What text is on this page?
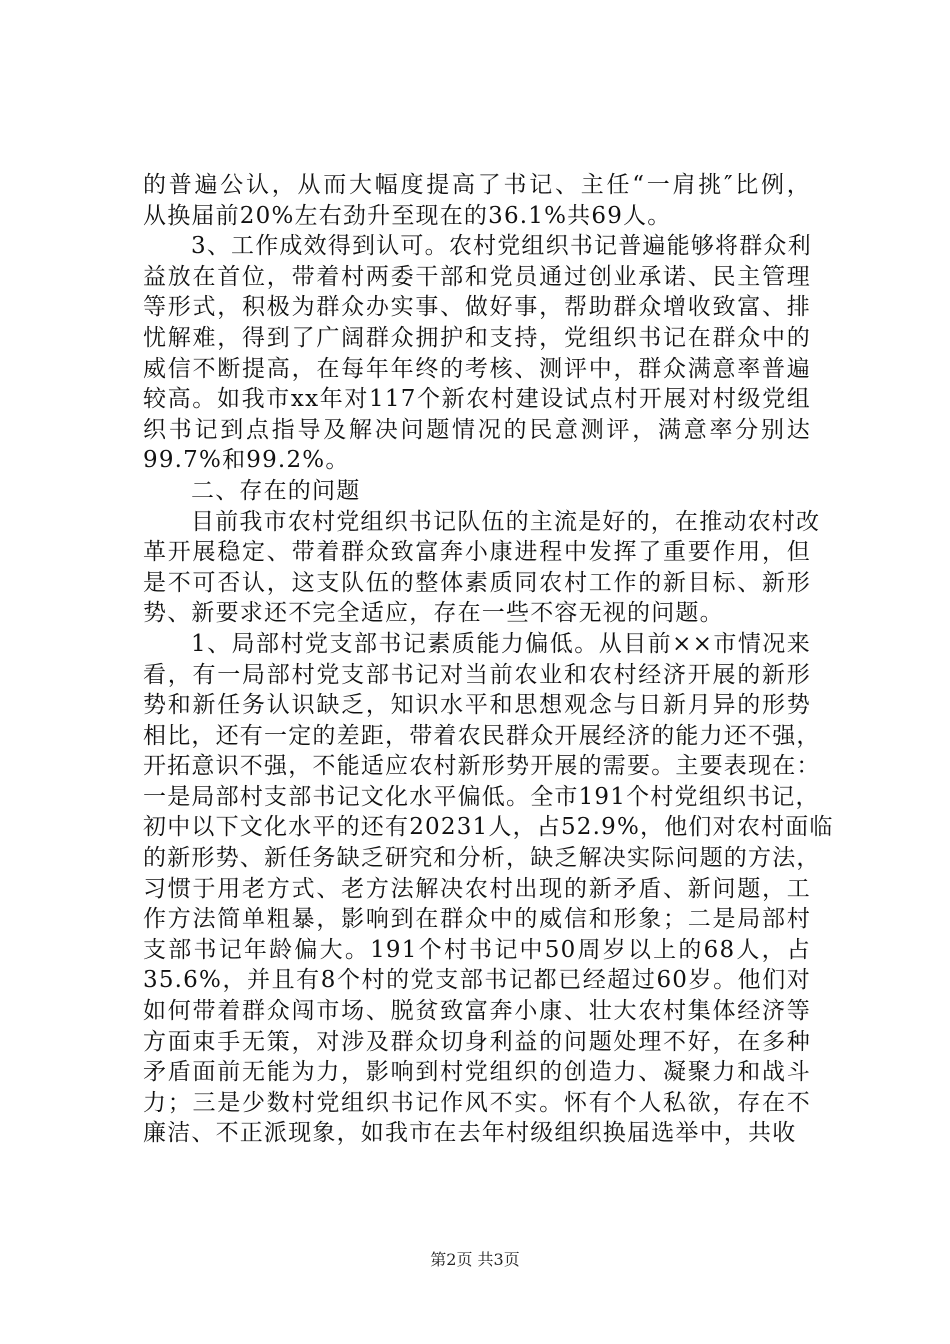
的普遍公认，从而大幅度提高了书记、主任“一肩挑″比例，
从换届前20%左右劲升至现在的36.1%共69人。
3、工作成效得到认可。农村党组织书记普遍能够将群众利
益放在首位，带着村两委干部和党员通过创业承诺、民主管理
等形式，积极为群众办实事、做好事，帮助群众增收致富、排
忧解难，得到了广阔群众拥护和支持，党组织书记在群众中的
威信不断提高，在每年年终的考核、测评中，群众满意率普遍
较高。如我市xx年对117个新农村建设试点村开展对村级党组
织书记到点指导及解决问题情况的民意测评，满意率分别达
99.7%和99.2%。
二、存在的问题
目前我市农村党组织书记队伍的主流是好的，在推动农村改
革开展稳定、带着群众致富奔小康进程中发挥了重要作用，但
是不可否认，这支队伍的整体素质同农村工作的新目标、新形
势、新要求还不完全适应，存在一些不容无视的问题。
1、局部村党支部书记素质能力偏低。从目前××市情况来
看，有一局部村党支部书记对当前农业和农村经济开展的新形
势和新任务认识缺乏，知识水平和思想观念与日新月异的形势
相比，还有一定的差距，带着农民群众开展经济的能力还不强，
开拓意识不强，不能适应农村新形势开展的需要。主要表现在：
一是局部村支部书记文化水平偏低。全市191个村党组织书记，
初中以下文化水平的还有20231人，占52.9%，他们对农村面临
的新形势、新任务缺乏研究和分析，缺乏解决实际问题的方法，
习惯于用老方式、老方法解决农村出现的新矛盾、新问题，工
作方法简单粗暴，影响到在群众中的威信和形象；二是局部村
支部书记年龄偏大。191个村书记中50周岁以上的68人，占
35.6%，并且有8个村的党支部书记都已经超过60岁。他们对
如何带着群众闯市场、脱贫致富奔小康、壮大农村集体经济等
方面束手无策，对涉及群众切身利益的问题处理不好，在多种
矛盾面前无能为力，影响到村党组织的创造力、凝聚力和战斗
力；三是少数村党组织书记作风不实。怀有个人私欲，存在不
廉洁、不正派现象，如我市在去年村级组织换届选举中，共收
第2页 共3页
